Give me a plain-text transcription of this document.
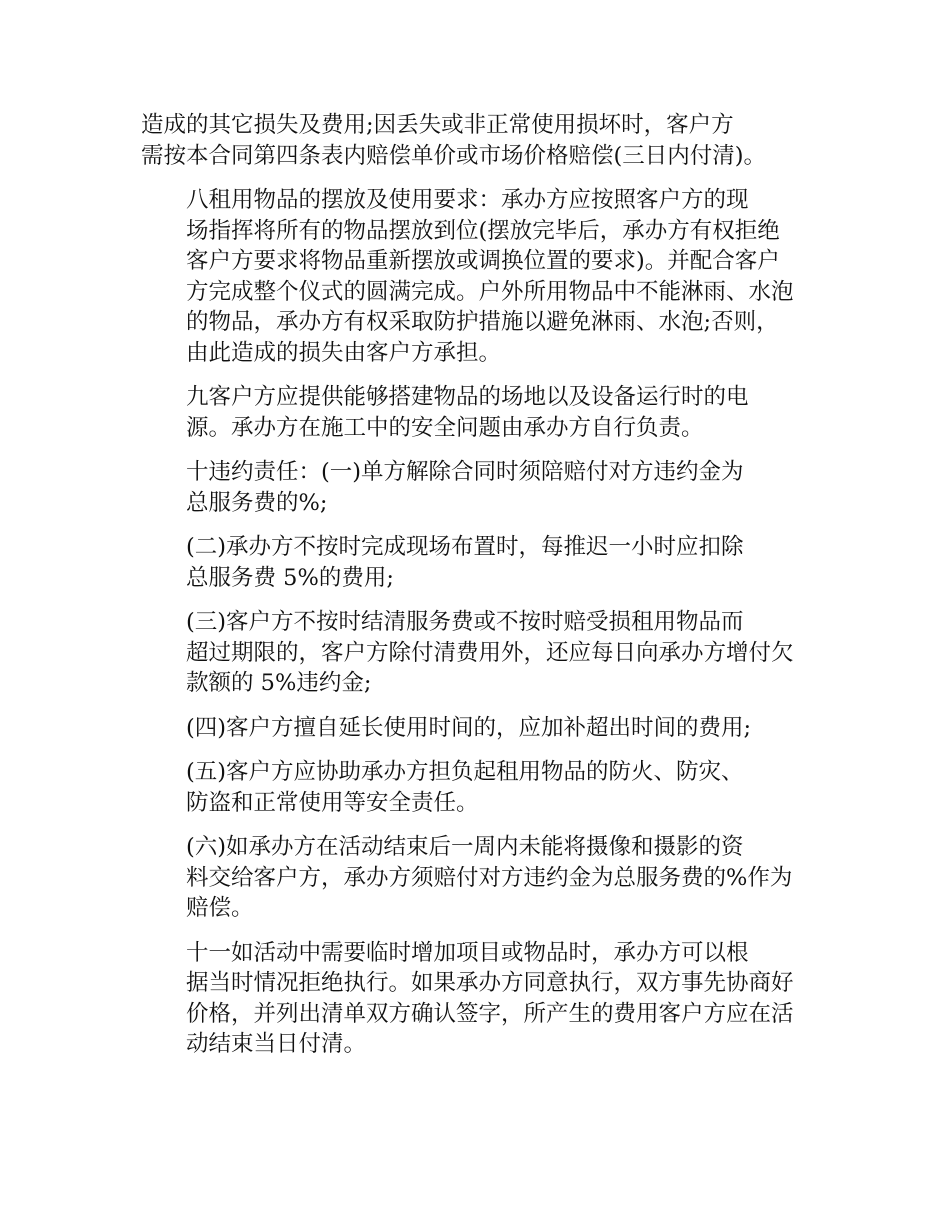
造成的其它损失及费用;因丢失或非正常使用损坏时，客户方
需按本合同第四条表内赔偿单价或市场价格赔偿(三日内付清)。

八租用物品的摆放及使用要求：承办方应按照客户方的现
场指挥将所有的物品摆放到位(摆放完毕后，承办方有权拒绝
客户方要求将物品重新摆放或调换位置的要求)。并配合客户
方完成整个仪式的圆满完成。户外所用物品中不能淋雨、水泡
的物品，承办方有权采取防护措施以避免淋雨、水泡;否则，
由此造成的损失由客户方承担。

九客户方应提供能够搭建物品的场地以及设备运行时的电
源。承办方在施工中的安全问题由承办方自行负责。

十违约责任：(一)单方解除合同时须陪赔付对方违约金为
总服务费的%;

(二)承办方不按时完成现场布置时，每推迟一小时应扣除
总服务费 5%的费用;

(三)客户方不按时结清服务费或不按时赔受损租用物品而
超过期限的，客户方除付清费用外，还应每日向承办方增付欠
款额的 5%违约金;

(四)客户方擅自延长使用时间的，应加补超出时间的费用;

(五)客户方应协助承办方担负起租用物品的防火、防灾、
防盗和正常使用等安全责任。

(六)如承办方在活动结束后一周内未能将摄像和摄影的资
料交给客户方，承办方须赔付对方违约金为总服务费的%作为
赔偿。

十一如活动中需要临时增加项目或物品时，承办方可以根
据当时情况拒绝执行。如果承办方同意执行，双方事先协商好
价格，并列出清单双方确认签字，所产生的费用客户方应在活
动结束当日付清。
